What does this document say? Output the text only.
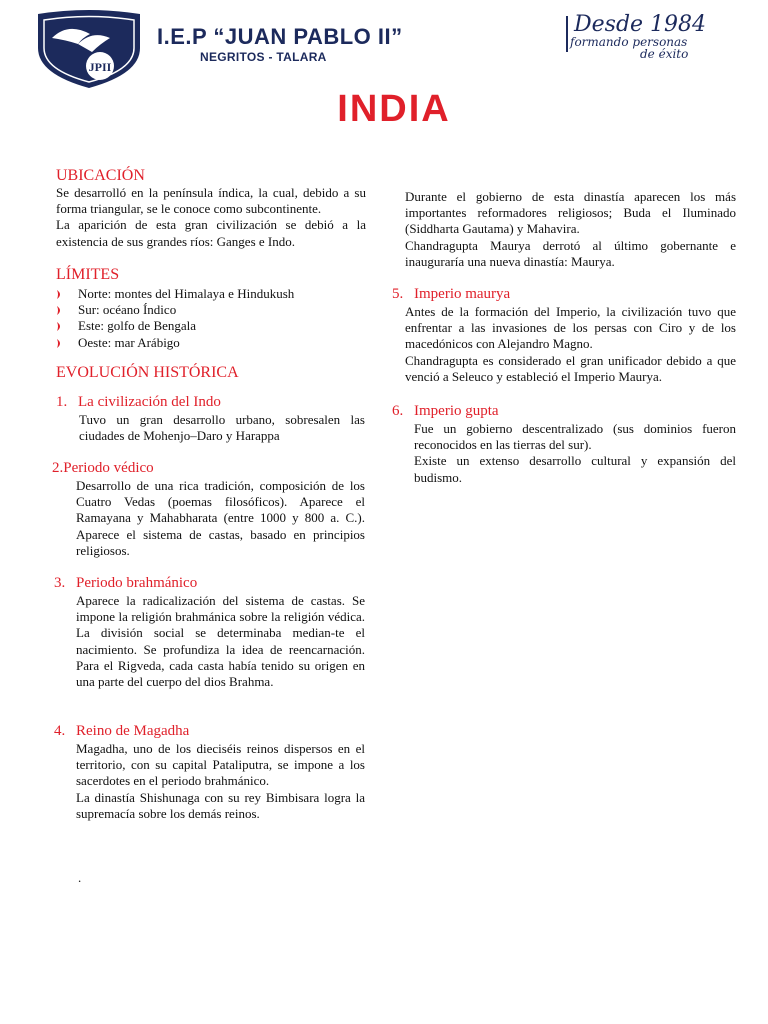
JPII
I.E.P “JUAN PABLO II”
NEGRITOS - TALARA
Desde 1984
formando personas
de éxito
INDIA
UBICACIÓN

Se desarrolló en la península índica, la cual, debido a su forma triangular, se le conoce como subcontinente.

La aparición de esta gran civilización se debió a la existencia de sus grandes ríos: Ganges e Indo.

LÍMITES
Norte: montes del Himalaya e Hindukush
Sur: océano Índico
Este: golfo de Bengala
Oeste: mar Arábigo
EVOLUCIÓN HISTÓRICA
1. La civilización del Indo

Tuvo un gran desarrollo urbano, sobresalen las ciudades de Mohenjo–Daro y Harappa

2.Periodo védico

Desarrollo de una rica tradición, composición de los Cuatro Vedas (poemas filosóficos). Aparece el Ramayana y Mahabharata (entre 1000 y 800 a. C.). Aparece el sistema de castas, basado en principios religiosos.

3. Periodo brahmánico

Aparece la radicalización del sistema de castas. Se impone la religión brahmánica sobre la religión védica. La división social se determinaba median-te el nacimiento. Se profundiza la idea de reencarnación. Para el Rigveda, cada casta había tenido su origen en una parte del cuerpo del dios Brahma.

4. Reino de Magadha

Magadha, uno de los dieciséis reinos dispersos en el territorio, con su capital Pataliputra, se impone a los sacerdotes en el periodo brahmánico.

La dinastía Shishunaga con su rey Bimbisara logra la supremacía sobre los demás reinos.

.

Durante el gobierno de esta dinastía aparecen los más importantes reformadores religiosos; Buda el Iluminado (Siddharta Gautama) y Mahavira.

Chandragupta Maurya derrotó al último gobernante e inauguraría una nueva dinastía: Maurya.

5. Imperio maurya

Antes de la formación del Imperio, la civilización tuvo que enfrentar a las invasiones de los persas con Ciro y de los macedónicos con Alejandro Magno.

Chandragupta es considerado el gran unificador debido a que venció a Seleuco y estableció el Imperio Maurya.

6. Imperio gupta

Fue un gobierno descentralizado (sus dominios fueron reconocidos en las tierras del sur).

Existe un extenso desarrollo cultural y expansión del budismo.
